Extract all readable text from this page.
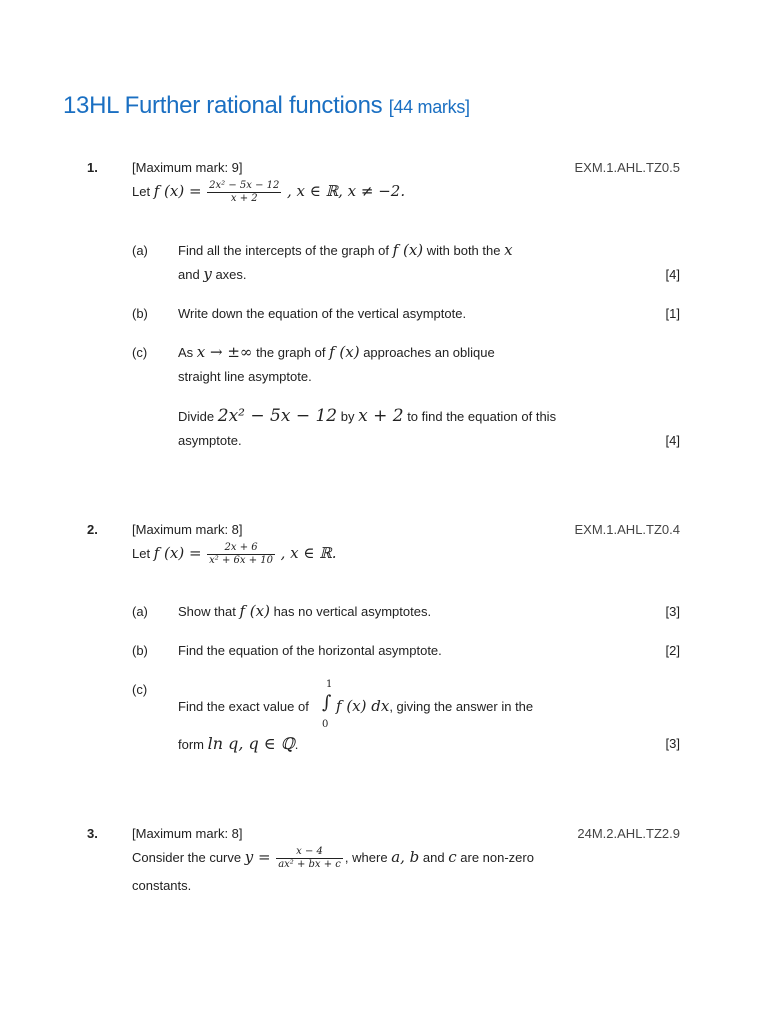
13HL Further rational functions [44 marks]
1.	[Maximum mark: 9]	EXM.1.AHL.TZ0.5
Let f $(x) = \frac{\text{2x² − 5x − 12}}{x + 2}$ , x ∈ ℝ, x ≠ −2.
(a) Find all the intercepts of the graph of f (x) with both the x
and y axes.	[4]
(b) Write down the equation of the vertical asymptote.	[1]
(c) As x → ±∞ the graph of f (x) approaches an oblique
straight line asymptote.
Divide 2x² − 5x − 12 by x + 2 to find the equation of this
asymptote.	[4]
2.	[Maximum mark: 8]	EXM.1.AHL.TZ0.4
Let f $(x) = \frac{2x + 6}{\text{x² + 6x + 10}}$ , x ∈ ℝ.
(a) Show that f (x) has no vertical asymptotes.	[3]
(b) Find the equation of the horizontal asymptote.	[2]
(c)
Find the exact value of
1
∫
0
f (x) dx, giving the answer in the
form ln q, q ∈ ℚ.	[3]
3.	[Maximum mark: 8]	24M.2.AHL.TZ2.9
Consider the curve $y = \frac{x - 4}{\text{ax² + bx + c}}$ , where a, b and c are non-zero
constants.
